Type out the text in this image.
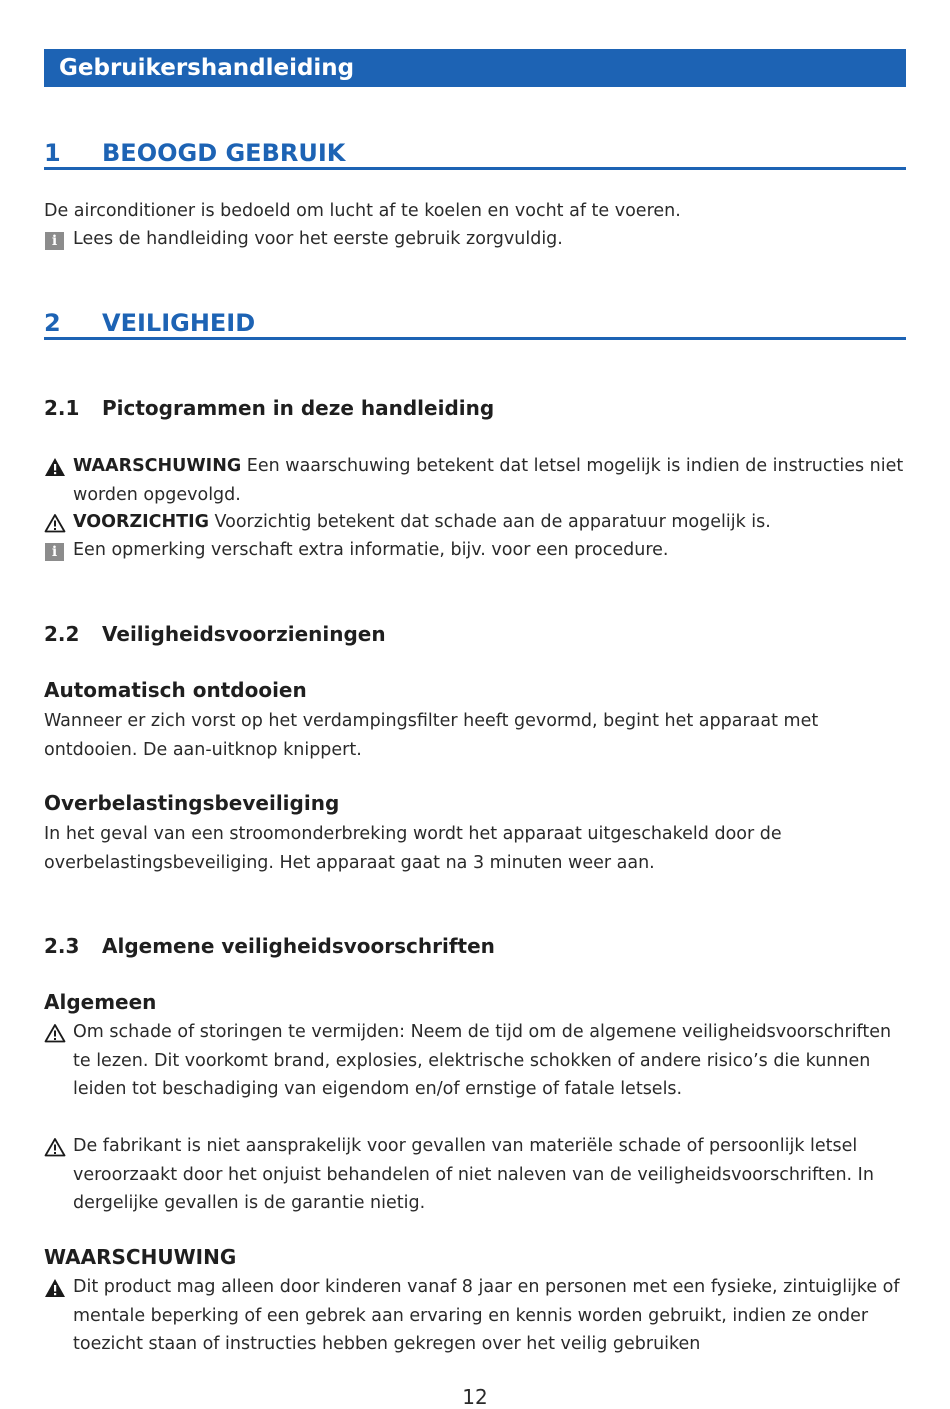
Gebruikershandleiding
1 BEOOGD GEBRUIK
De airconditioner is bedoeld om lucht af te koelen en vocht af te voeren.
i Lees de handleiding voor het eerste gebruik zorgvuldig.
2 VEILIGHEID
2.1 Pictogrammen in deze handleiding
WAARSCHUWING Een waarschuwing betekent dat letsel mogelijk is indien de instructies niet worden opgevolgd.
VOORZICHTIG Voorzichtig betekent dat schade aan de apparatuur mogelijk is.
i Een opmerking verschaft extra informatie, bijv. voor een procedure.
2.2 Veiligheidsvoorzieningen
Automatisch ontdooien
Wanneer er zich vorst op het verdampingsfilter heeft gevormd, begint het apparaat met ontdooien. De aan-uitknop knippert.
Overbelastingsbeveiliging
In het geval van een stroomonderbreking wordt het apparaat uitgeschakeld door de overbelastingsbeveiliging. Het apparaat gaat na 3 minuten weer aan.
2.3 Algemene veiligheidsvoorschriften
Algemeen
Om schade of storingen te vermijden: Neem de tijd om de algemene veiligheidsvoorschriften te lezen. Dit voorkomt brand, explosies, elektrische schokken of andere risico’s die kunnen leiden tot beschadiging van eigendom en/of ernstige of fatale letsels.
De fabrikant is niet aansprakelijk voor gevallen van materiële schade of persoonlijk letsel veroorzaakt door het onjuist behandelen of niet naleven van de veiligheidsvoorschriften. In dergelijke gevallen is de garantie nietig.
WAARSCHUWING
Dit product mag alleen door kinderen vanaf 8 jaar en personen met een fysieke, zintuiglijke of mentale beperking of een gebrek aan ervaring en kennis worden gebruikt, indien ze onder toezicht staan of instructies hebben gekregen over het veilig gebruiken
12
